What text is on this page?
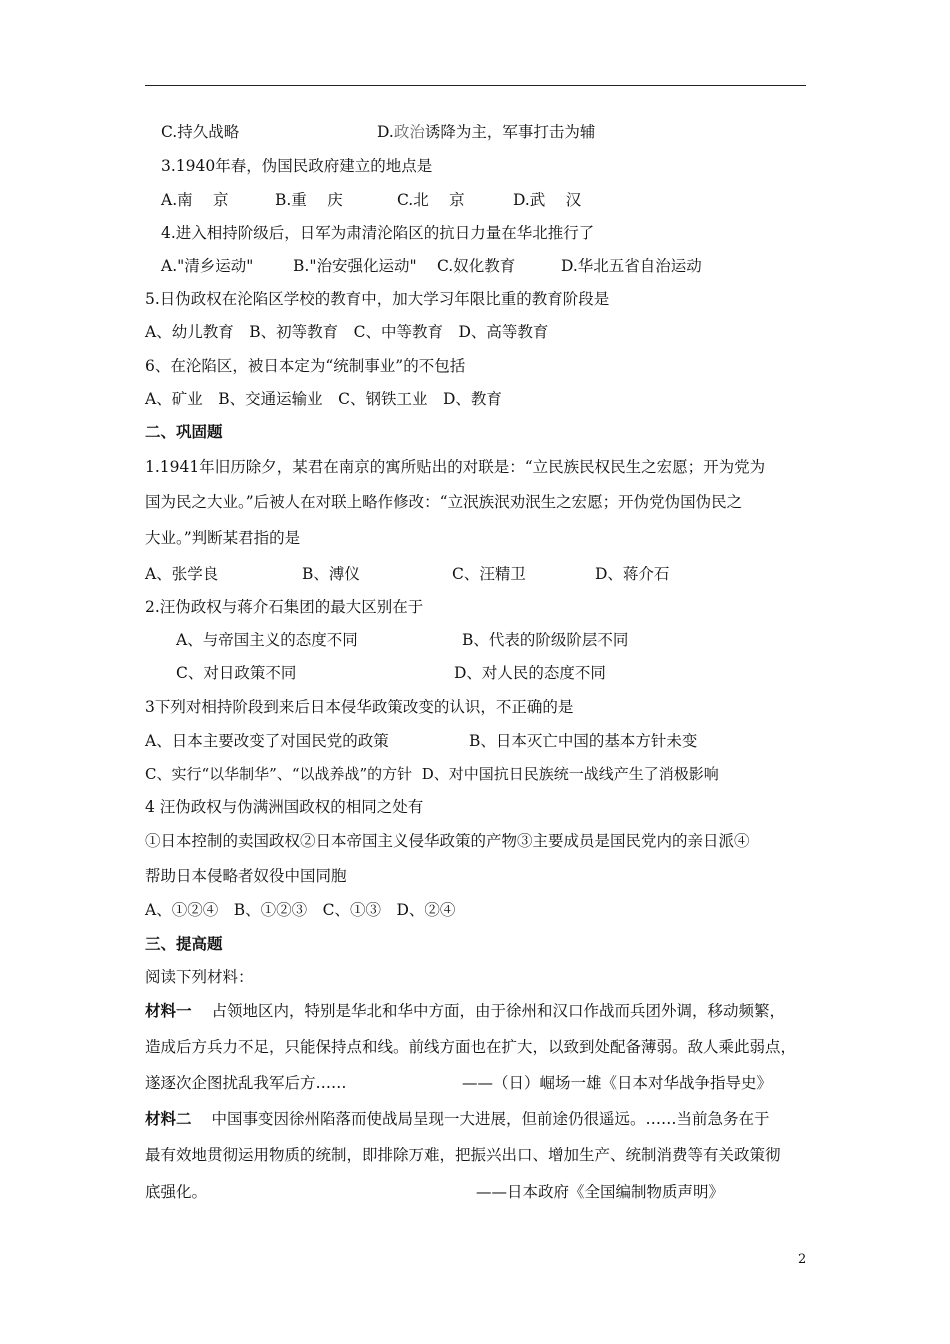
C.持久战略

	D.政治诱降为主，军事打击为辅

3.1940年春，伪国民政府建立的地点是

A.南　 京

	B.重　 庆

	C.北　 京

	D.武　 汉

4.进入相持阶级后，日军为肃清沦陷区的抗日力量在华北推行了

A."清乡运动"

	B."治安强化运动"

C.奴化教育

	D.华北五省自治运动

5.日伪政权在沦陷区学校的教育中，加大学习年限比重的教育阶段是
A、幼儿教育　B、初等教育　C、中等教育　D、高等教育
6、在沦陷区，被日本定为“统制事业”的不包括
A、矿业　B、交通运输业　C、钢铁工业　D、教育
二、巩固题
1.1941年旧历除夕，某君在南京的寓所贴出的对联是：“立民族民权民生之宏愿；开为党为
国为民之大业。”后被人在对联上略作修改：“立泯族泯劝泯生之宏愿；开伪党伪国伪民之
大业。”判断某君指的是

A、张学良

	B、溥仪

	C、汪精卫

	D、蒋介石

2.汪伪政权与蒋介石集团的最大区别在于

A、与帝国主义的态度不同

	B、代表的阶级阶层不同

C、对日政策不同

	D、对人民的态度不同

3下列对相持阶段到来后日本侵华政策改变的认识，不正确的是

A、日本主要改变了对国民党的政策

	B、日本灭亡中国的基本方针未变

C、实行“以华制华”、“以战养战”的方针  D、对中国抗日民族统一战线产生了消极影响
4 汪伪政权与伪满洲国政权的相同之处有
①日本控制的卖国政权②日本帝国主义侵华政策的产物③主要成员是国民党内的亲日派④
帮助日本侵略者奴役中国同胞
A、①②④　B、①②③　C、①③　D、②④
三、提高题
阅读下列材料：
材料一 占领地区内，特别是华北和华中方面，由于徐州和汉口作战而兵团外调，移动频繁，
造成后方兵力不足，只能保持点和线。前线方面也在扩大，以致到处配备薄弱。敌人乘此弱点，

遂逐次企图扰乱我军后方……

	——（日）崛场一雄《日本对华战争指导史》

材料二 中国事变因徐州陷落而使战局呈现一大进展，但前途仍很遥远。……当前急务在于
最有效地贯彻运用物质的统制，即排除万难，把振兴出口、增加生产、统制消费等有关政策彻

底强化。

	——日本政府《全国编制物质声明》

2
